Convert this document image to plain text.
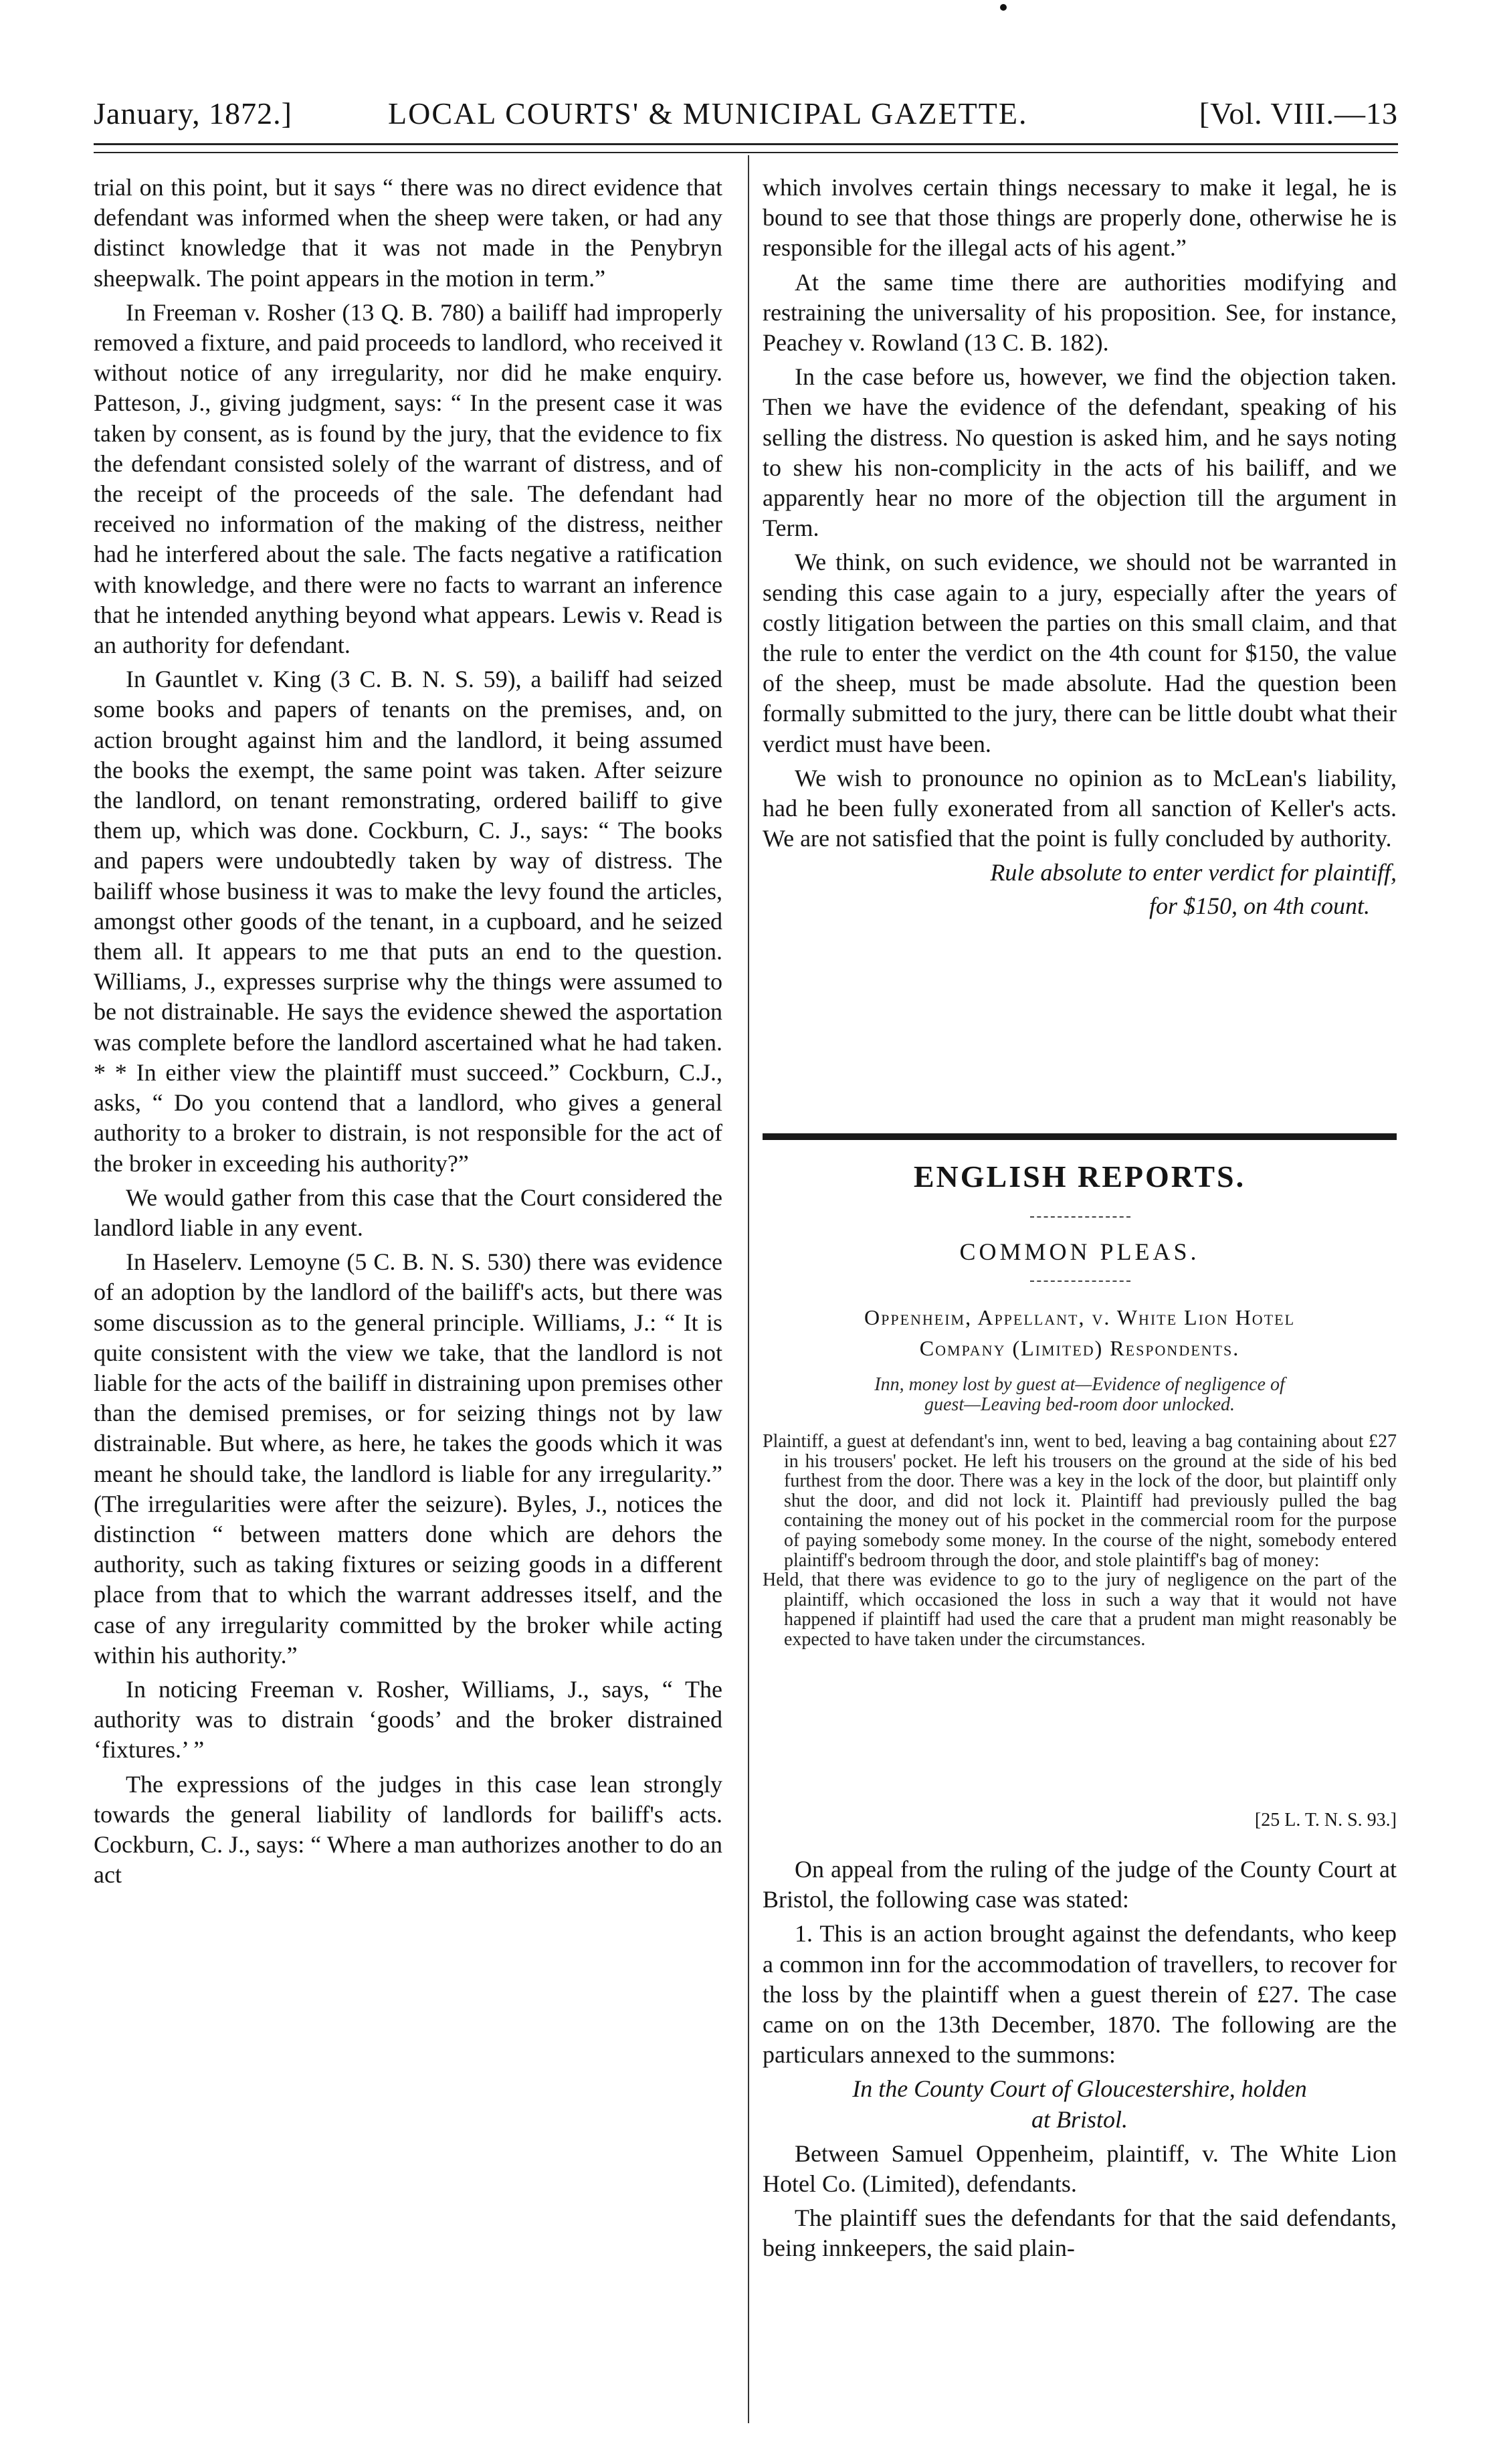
January, 1872.]	LOCAL COURTS' & MUNICIPAL GAZETTE.	[Vol. VIII.—13

trial on this point, but it says “ there was no direct evidence that defendant was informed when the sheep were taken, or had any distinct knowledge that it was not made in the Penybryn sheepwalk. The point appears in the motion in term.”

In Freeman v. Rosher (13 Q. B. 780) a bailiff had improperly removed a fixture, and paid proceeds to landlord, who received it without notice of any irregularity, nor did he make enquiry. Patteson, J., giving judgment, says: “ In the present case it was taken by consent, as is found by the jury, that the evidence to fix the defendant consisted solely of the warrant of distress, and of the receipt of the proceeds of the sale. The defendant had received no information of the making of the distress, neither had he interfered about the sale. The facts negative a ratification with knowledge, and there were no facts to warrant an inference that he intended anything beyond what appears. Lewis v. Read is an authority for defendant.

In Gauntlet v. King (3 C. B. N. S. 59), a bailiff had seized some books and papers of tenants on the premises, and, on action brought against him and the landlord, it being assumed the books the exempt, the same point was taken. After seizure the landlord, on tenant remonstrating, ordered bailiff to give them up, which was done. Cockburn, C. J., says: “ The books and papers were undoubtedly taken by way of distress. The bailiff whose business it was to make the levy found the articles, amongst other goods of the tenant, in a cupboard, and he seized them all. It appears to me that puts an end to the question. Williams, J., expresses surprise why the things were assumed to be not distrainable. He says the evidence shewed the asportation was complete before the landlord ascertained what he had taken. * * In either view the plaintiff must succeed.” Cockburn, C.J., asks, “ Do you contend that a landlord, who gives a general authority to a broker to distrain, is not responsible for the act of the broker in exceeding his authority?”

We would gather from this case that the Court considered the landlord liable in any event.

In Haselerv. Lemoyne (5 C. B. N. S. 530) there was evidence of an adoption by the landlord of the bailiff's acts, but there was some discussion as to the general principle. Williams, J.: “ It is quite consistent with the view we take, that the landlord is not liable for the acts of the bailiff in distraining upon premises other than the demised premises, or for seizing things not by law distrainable. But where, as here, he takes the goods which it was meant he should take, the landlord is liable for any irregularity.” (The irregularities were after the seizure). Byles, J., notices the distinction “ between matters done which are dehors the authority, such as taking fixtures or seizing goods in a different place from that to which the warrant addresses itself, and the case of any irregularity committed by the broker while acting within his authority.”

In noticing Freeman v. Rosher, Williams, J., says, “ The authority was to distrain ‘goods’ and the broker distrained ‘fixtures.’ ”

The expressions of the judges in this case lean strongly towards the general liability of landlords for bailiff's acts. Cockburn, C. J., says: “ Where a man authorizes another to do an act

which involves certain things necessary to make it legal, he is bound to see that those things are properly done, otherwise he is responsible for the illegal acts of his agent.”

At the same time there are authorities modifying and restraining the universality of his proposition. See, for instance, Peachey v. Rowland (13 C. B. 182).

In the case before us, however, we find the objection taken. Then we have the evidence of the defendant, speaking of his selling the distress. No question is asked him, and he says noting to shew his non-complicity in the acts of his bailiff, and we apparently hear no more of the objection till the argument in Term.

We think, on such evidence, we should not be warranted in sending this case again to a jury, especially after the years of costly litigation between the parties on this small claim, and that the rule to enter the verdict on the 4th count for $150, the value of the sheep, must be made absolute. Had the question been formally submitted to the jury, there can be little doubt what their verdict must have been.

We wish to pronounce no opinion as to McLean's liability, had he been fully exonerated from all sanction of Keller's acts. We are not satisfied that the point is fully concluded by authority.

Rule absolute to enter verdict for plaintiff,
for $150, on 4th count.
ENGLISH REPORTS.
COMMON PLEAS.
Oppenheim, Appellant, v. White Lion Hotel
Company (Limited) Respondents.
Inn, money lost by guest at—Evidence of negligence of
guest—Leaving bed-room door unlocked.

Plaintiff, a guest at defendant's inn, went to bed, leaving a bag containing about £27 in his trousers' pocket. He left his trousers on the ground at the side of his bed furthest from the door. There was a key in the lock of the door, but plaintiff only shut the door, and did not lock it. Plaintiff had previously pulled the bag containing the money out of his pocket in the commercial room for the purpose of paying somebody some money. In the course of the night, somebody entered plaintiff's bedroom through the door, and stole plaintiff's bag of money:

Held, that there was evidence to go to the jury of negligence on the part of the plaintiff, which occasioned the loss in such a way that it would not have happened if plaintiff had used the care that a prudent man might reasonably be expected to have taken under the circumstances.

[25 L. T. N. S. 93.]

On appeal from the ruling of the judge of the County Court at Bristol, the following case was stated:

1. This is an action brought against the defendants, who keep a common inn for the accommodation of travellers, to recover for the loss by the plaintiff when a guest therein of £27. The case came on on the 13th December, 1870. The following are the particulars annexed to the summons:

In the County Court of Gloucestershire, holden
at Bristol.

Between Samuel Oppenheim, plaintiff, v. The White Lion Hotel Co. (Limited), defendants.

The plaintiff sues the defendants for that the said defendants, being innkeepers, the said plain-
